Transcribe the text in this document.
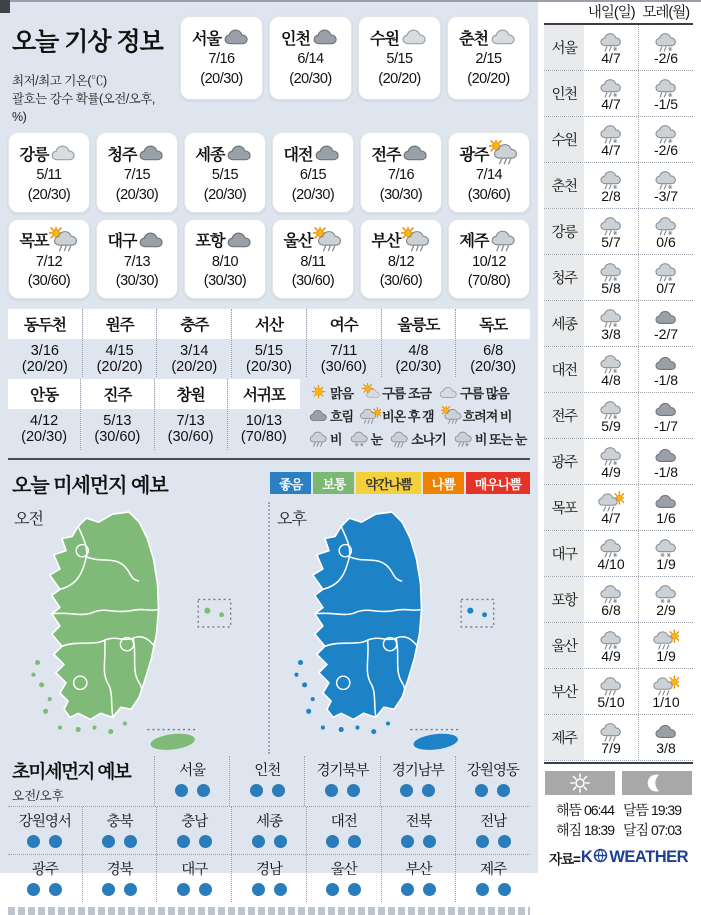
오늘 기상 정보
최저/최고 기온(℃)
괄호는 강수 확률(오전/오후, %)
서울
7/16
(20/30)
인천
6/14
(20/30)
수원
5/15
(20/20)
춘천
2/15
(20/20)
강릉
5/11
(20/30)
청주
7/15
(20/30)
세종
5/15
(20/30)
대전
6/15
(20/30)
전주
7/16
(30/30)
광주
7/14
(30/60)
목포
7/12
(30/60)
대구
7/13
(30/30)
포항
8/10
(30/30)
울산
8/11
(30/60)
부산
8/12
(30/60)
제주
10/12
(70/80)
동두천
3/16
(20/20)
원주
4/15
(20/20)
충주
3/14
(20/20)
서산
5/15
(20/30)
여수
7/11
(30/60)
울릉도
4/8
(20/30)
독도
6/8
(20/30)
안동
4/12
(20/30)
진주
5/13
(30/60)
창원
7/13
(30/60)
서귀포
10/13
(70/80)
맑음 구름 조금 구름 많음
흐림 비온 후 갬 흐려져 비
비 눈 소나기 비 또는 눈
오늘 미세먼지 예보	좋음	보통	약간나쁨	나쁨	매우나쁨
오전	오후
초미세먼지 예보
오전/오후
서울	인천	경기북부	경기남부	강원영동
강원영서	충북	충남	세종	대전	전북	전남
광주	경북	대구	경남	울산	부산	제주
내일(일) 모레(월)
서울
4/7 -2/6
인천
4/7 -1/5
수원
4/7 -2/6
춘천
2/8 -3/7
강릉
5/7	0/6
청주
5/8	0/7
세종
3/8 -2/7
대전
4/8 -1/8
전주
5/9 -1/7
광주
4/9 -1/8
목포
4/7	1/6
대구
4/10 1/9
포항
6/8	2/9
울산
4/9	1/9
부산
5/10 1/10
제주
7/9	3/8
해뜸 06:44 달뜸 19:39
해짐 18:39 달짐 07:03
자료= K WEATHER
